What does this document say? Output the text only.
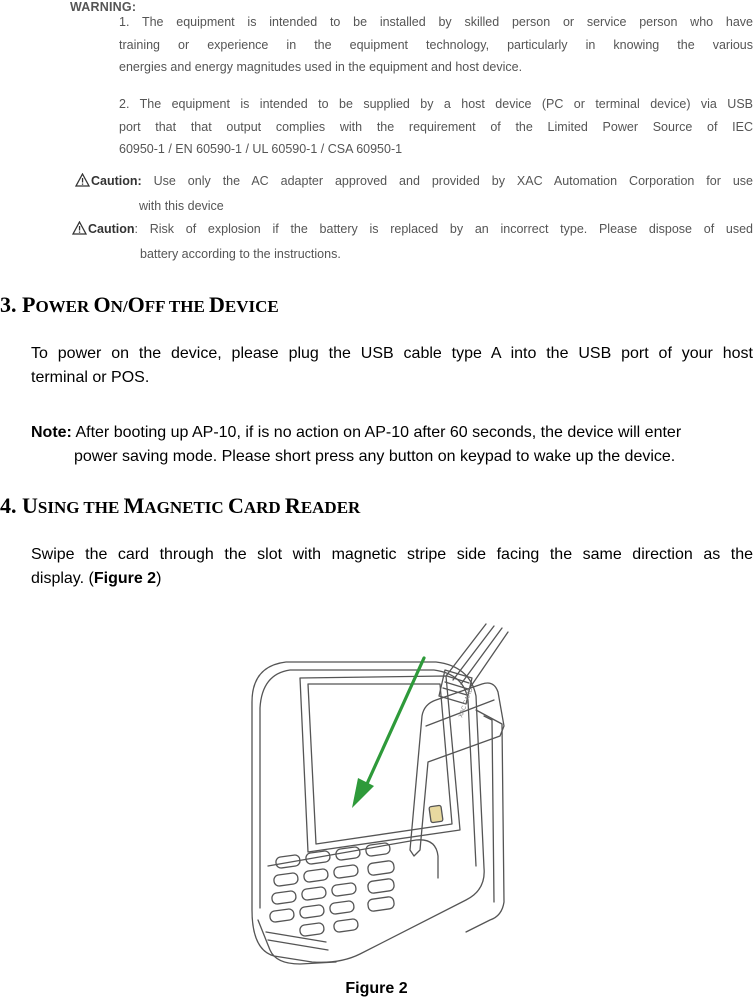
WARNING:
1. The equipment is intended to be installed by skilled person or service person who have
training or experience in the equipment technology, particularly in knowing the various
energies and energy magnitudes used in the equipment and host device.
2. The equipment is intended to be supplied by a host device (PC or terminal device) via USB
port that that output complies with the requirement of the Limited Power Source of IEC
60950-1 / EN 60590-1 / UL 60590-1 / CSA 60950-1
Caution: Use only the AC adapter approved and provided by XAC Automation Corporation for use
with this device
Caution: Risk of explosion if the battery is replaced by an incorrect type. Please dispose of used
battery according to the instructions.
3. POWER ON/OFF THE DEVICE
To power on the device, please plug the USB cable type A into the USB port of your host
terminal or POS.
Note: After booting up AP-10, if is no action on AP-10 after 60 seconds, the device will enter
power saving mode. Please short press any button on keypad to wake up the device.
4. USING THE MAGNETIC CARD READER
Swipe the card through the slot with magnetic stripe side facing the same direction as the
display. (Figure 2)
XAC CARD
Figure 2
